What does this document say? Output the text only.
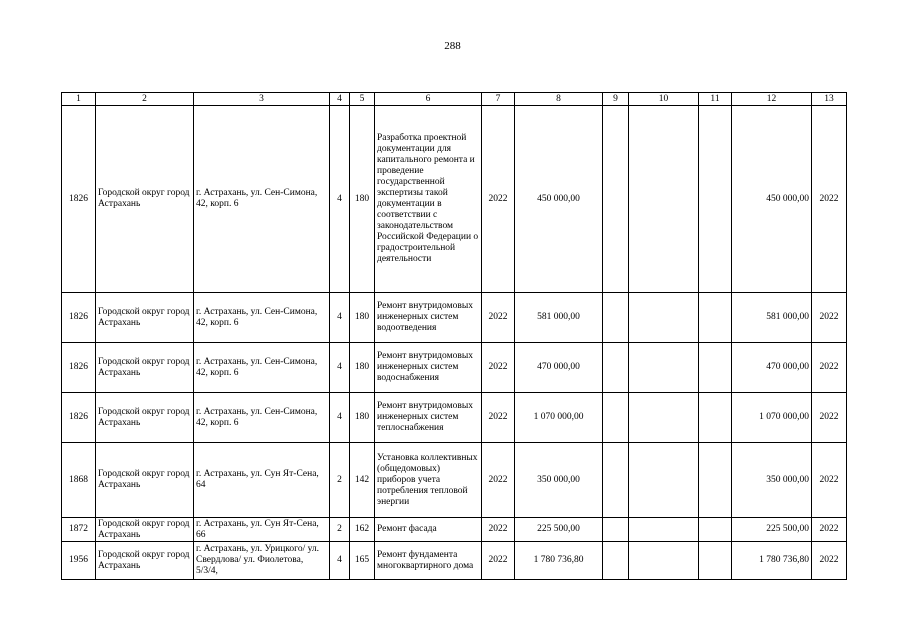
288
1	2	3	4	5	6	7	8	9	10	11	12	13
1826	Городской округ город Астрахань	г. Астрахань, ул. Сен-Симона, 42, корп. 6	4	180	Разработка проектной документации для капитального ремонта и проведение государственной экспертизы такой документации в соответствии с законодательством Российской Федерации о градостроительной деятельности	2022	450 000,00				450 000,00	2022
1826	Городской округ город Астрахань	г. Астрахань, ул. Сен-Симона, 42, корп. 6	4	180	Ремонт внутридомовых инженерных систем водоотведения	2022	581 000,00				581 000,00	2022
1826	Городской округ город Астрахань	г. Астрахань, ул. Сен-Симона, 42, корп. 6	4	180	Ремонт внутридомовых инженерных систем водоснабжения	2022	470 000,00				470 000,00	2022
1826	Городской округ город Астрахань	г. Астрахань, ул. Сен-Симона, 42, корп. 6	4	180	Ремонт внутридомовых инженерных систем теплоснабжения	2022	1 070 000,00				1 070 000,00	2022
1868	Городской округ город Астрахань	г. Астрахань, ул. Сун Ят-Сена, 64	2	142	Установка коллективных (общедомовых) приборов учета потребления тепловой энергии	2022	350 000,00				350 000,00	2022
1872	Городской округ город Астрахань	г. Астрахань, ул. Сун Ят-Сена, 66	2	162	Ремонт фасада	2022	225 500,00				225 500,00	2022
1956	Городской округ город Астрахань	г. Астрахань, ул. Урицкого/ ул. Свердлова/ ул. Фиолетова, 5/3/4,	4	165	Ремонт фундамента многоквартирного дома	2022	1 780 736,80				1 780 736,80	2022
